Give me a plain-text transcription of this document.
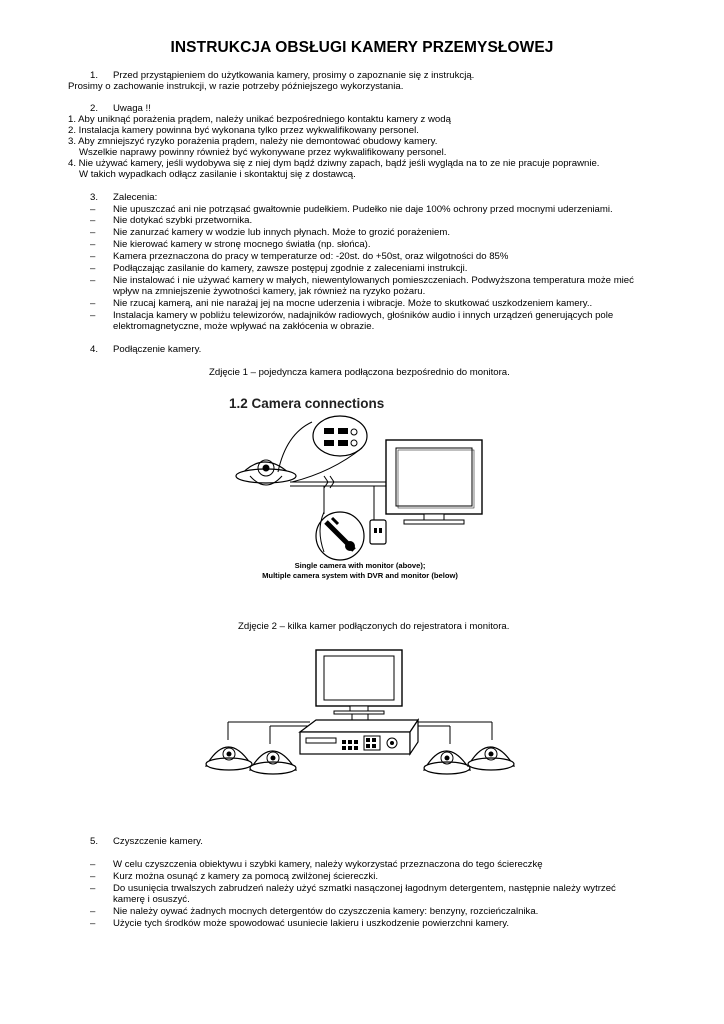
INSTRUKCJA OBSŁUGI KAMERY PRZEMYSŁOWEJ
1. Przed przystąpieniem do użytkowania kamery, prosimy o zapoznanie się z instrukcją.
Prosimy o zachowanie instrukcji, w razie potrzeby późniejszego wykorzystania.
2. Uwaga !!
1. Aby uniknąć porażenia prądem, należy unikać bezpośredniego kontaktu kamery z wodą
2. Instalacja kamery powinna być wykonana tylko przez wykwalifikowany personel.
3. Aby zmniejszyć ryzyko porażenia prądem, należy nie demontować obudowy kamery.
Wszelkie naprawy powinny również być wykonywane przez wykwalifikowany personel.
4. Nie używać kamery, jeśli wydobywa się z niej dym bądź dziwny zapach, bądź jeśli wygląda na to ze nie pracuje poprawnie.
W takich wypadkach odłącz zasilanie i skontaktuj się z dostawcą.
3. Zalecenia:
– Nie upuszczać ani nie potrząsać gwałtownie pudełkiem. Pudełko nie daje 100% ochrony przed mocnymi uderzeniami.
– Nie dotykać szybki przetwornika.
– Nie zanurzać kamery w wodzie lub innych płynach. Może to grozić porażeniem.
– Nie kierować kamery w stronę mocnego światła (np. słońca).
– Kamera przeznaczona do pracy w temperaturze od: -20st. do +50st, oraz wilgotności do 85%
– Podłączając zasilanie do kamery, zawsze postępuj zgodnie z zaleceniami instrukcji.
– Nie instalować i nie używać kamery w małych, niewentylowanych pomieszczeniach. Podwyższona temperatura może mieć
wpływ na zmniejszenie żywotności kamery, jak również na ryzyko pożaru.
– Nie rzucaj kamerą, ani nie narażaj jej na mocne uderzenia i wibracje. Może to skutkować uszkodzeniem kamery..
– Instalacja kamery w pobliżu telewizorów, nadajników radiowych, głośników audio i innych urządzeń generujących pole
elektromagnetyczne, może wpływać na zakłócenia w obrazie.
4. Podłączenie kamery.
Zdjęcie 1 – pojedyncza kamera podłączona bezpośrednio do monitora.
1.2 Camera connections
Single camera with monitor (above);
Multiple camera system with DVR and monitor (below)
Zdjęcie 2 – kilka kamer podłączonych do rejestratora i monitora.
5. Czyszczenie kamery.
– W celu czyszczenia obiektywu i szybki kamery, należy wykorzystać przeznaczona do tego ściereczkę
– Kurz można osunąć z kamery za pomocą zwilżonej ściereczki.
– Do usunięcia trwalszych zabrudzeń należy użyć szmatki nasączonej łagodnym detergentem, następnie należy wytrzeć
kamerę i osuszyć.
– Nie należy oywać żadnych mocnych detergentów do czyszczenia kamery: benzyny, rozcieńczalnika.
– Użycie tych środków może spowodować usuniecie lakieru i uszkodzenie powierzchni kamery.
